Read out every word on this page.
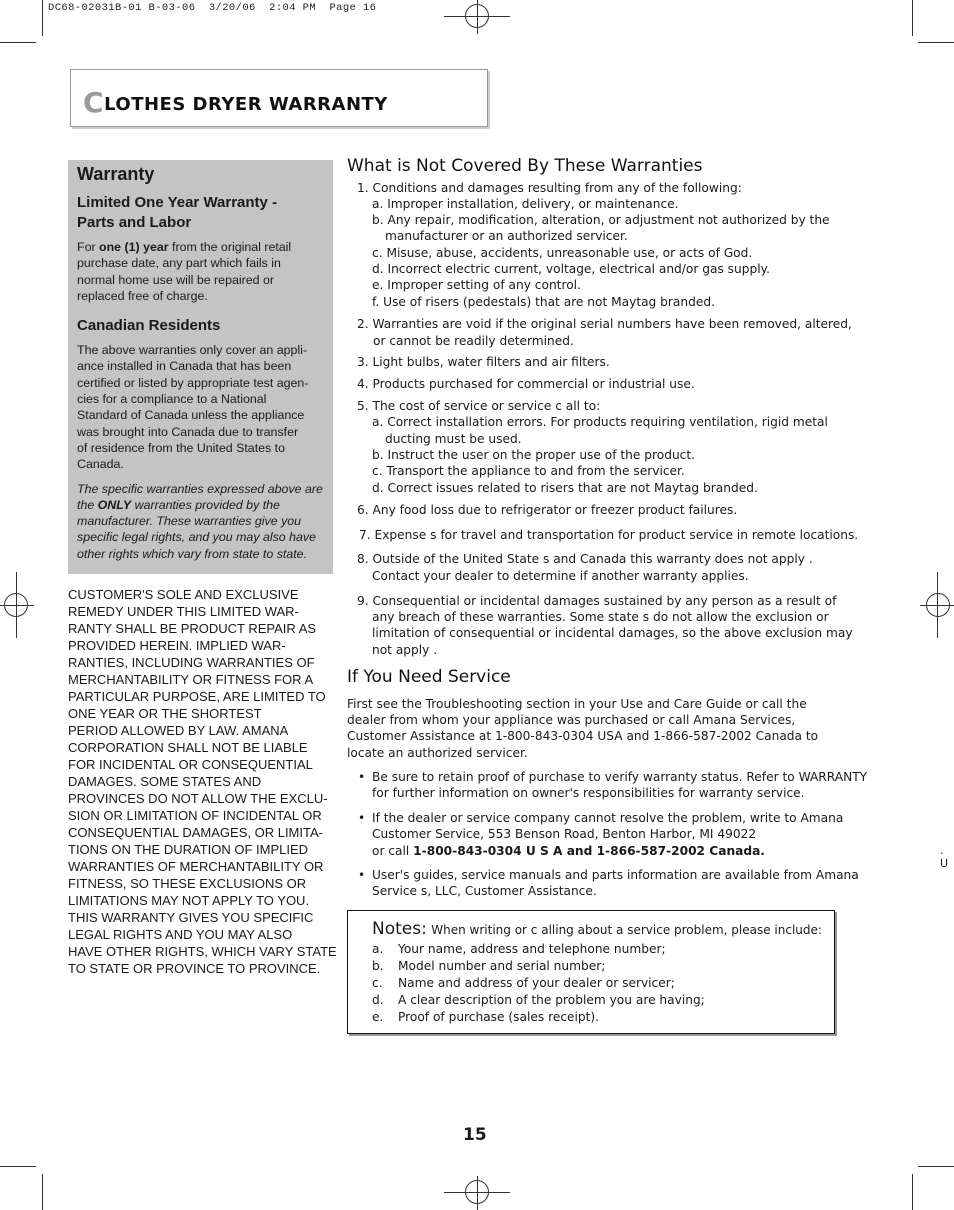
DC68-02031B-01 B-03-06  3/20/06  2:04 PM  Page 16
CLOTHES DRYER WARRANTY
Warranty
Limited One Year Warranty -
Parts and Labor
For one (1) year from the original retail
purchase date, any part which fails in
normal home use will be repaired or
replaced free of charge.
Canadian Residents
The above warranties only cover an appli-
ance installed in Canada that has been
certified or listed by appropriate test agen-
cies for a compliance to a National
Standard of Canada unless the appliance
was brought into Canada due to transfer
of residence from the United States to
Canada.
The specific warranties expressed above are
the ONLY warranties provided by the
manufacturer. These warranties give you
specific legal rights, and you may also have
other rights which vary from state to state.
CUSTOMER'S SOLE AND EXCLUSIVE
REMEDY UNDER THIS LIMITED WAR-
RANTY SHALL BE PRODUCT REPAIR AS
PROVIDED HEREIN. IMPLIED WAR-
RANTIES, INCLUDING WARRANTIES OF
MERCHANTABILITY OR FITNESS FOR A
PARTICULAR PURPOSE, ARE LIMITED TO
ONE YEAR OR THE SHORTEST
PERIOD ALLOWED BY LAW. AMANA
CORPORATION SHALL NOT BE LIABLE
FOR INCIDENTAL OR CONSEQUENTIAL
DAMAGES. SOME STATES AND
PROVINCES DO NOT ALLOW THE EXCLU-
SION OR LIMITATION OF INCIDENTAL OR
CONSEQUENTIAL DAMAGES, OR LIMITA-
TIONS ON THE DURATION OF IMPLIED
WARRANTIES OF MERCHANTABILITY OR
FITNESS, SO THESE EXCLUSIONS OR
LIMITATIONS MAY NOT APPLY TO YOU.
THIS WARRANTY GIVES YOU SPECIFIC
LEGAL RIGHTS AND YOU MAY ALSO
HAVE OTHER RIGHTS, WHICH VARY STATE
TO STATE OR PROVINCE TO PROVINCE.
What is Not Covered By These Warranties
1. Conditions and damages resulting from any of the following:
a. Improper installation, delivery, or maintenance.
b. Any repair, modification, alteration, or adjustment not authorized by the
manufacturer or an authorized servicer.
c. Misuse, abuse, accidents, unreasonable use, or acts of God.
d. Incorrect electric current, voltage, electrical and/or gas supply.
e. Improper setting of any control.
f. Use of risers (pedestals) that are not Maytag branded.
2. Warranties are void if the original serial numbers have been removed, altered,
or cannot be readily determined.
3. Light bulbs, water filters and air filters.
4. Products purchased for commercial or industrial use.
5. The cost of service or service c all to:
a. Correct installation errors. For products requiring ventilation, rigid metal
ducting must be used.
b. Instruct the user on the proper use of the product.
c. Transport the appliance to and from the servicer.
d. Correct issues related to risers that are not Maytag branded.
6. Any food loss due to refrigerator or freezer product failures.
7. Expense s for travel and transportation for product service in remote locations.
8. Outside of the United State s and Canada this warranty does not apply .
Contact your dealer to determine if another warranty applies.
9. Consequential or incidental damages sustained by any person as a result of
any breach of these warranties. Some state s do not allow the exclusion or
limitation of consequential or incidental damages, so the above exclusion may
not apply .
If You Need Service
First see the Troubleshooting section in your Use and Care Guide or call the
dealer from whom your appliance was purchased or call Amana Services,
Customer Assistance at 1-800-843-0304 USA and 1-866-587-2002 Canada to
locate an authorized servicer.
• Be sure to retain proof of purchase to verify warranty status. Refer to WARRANTY
for further information on owner's responsibilities for warranty service.
• If the dealer or service company cannot resolve the problem, write to Amana
Customer Service, 553 Benson Road, Benton Harbor, MI 49022
or call 1-800-843-0304 U S A and 1-866-587-2002 Canada.
• User's guides, service manuals and parts information are available from Amana
Service s, LLC, Customer Assistance.
. U
Notes: When writing or c alling about a service problem, please include:
a. Your name, address and telephone number;
b. Model number and serial number;
c. Name and address of your dealer or servicer;
d. A clear description of the problem you are having;
e. Proof of purchase (sales receipt).
15
